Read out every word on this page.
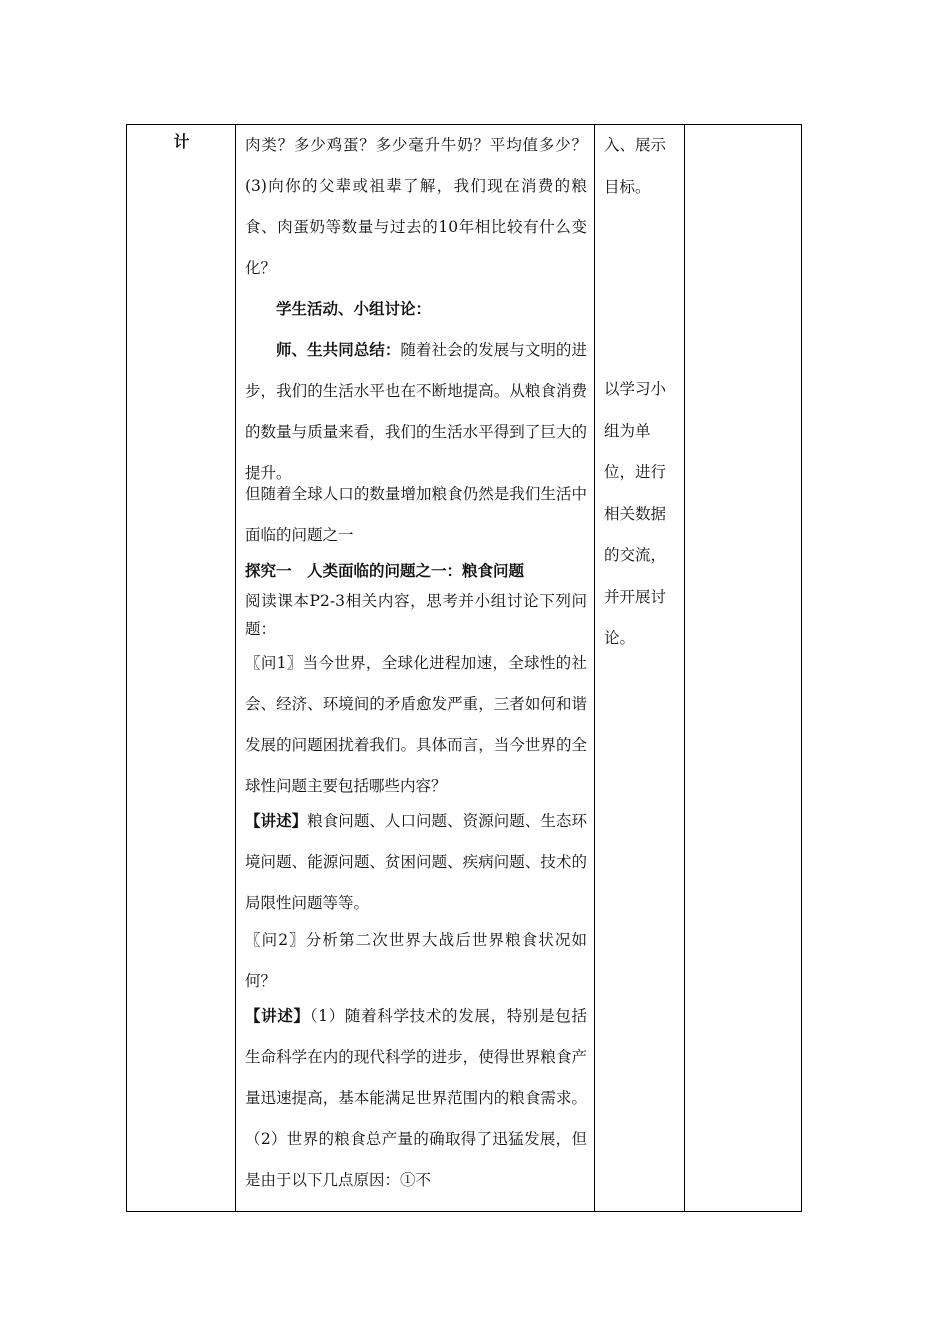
计	肉类？多少鸡蛋？多少毫升牛奶？平均值多少？(3)向你的父辈或祖辈了解，我们现在消费的粮食、肉蛋奶等数量与过去的10年相比较有什么变化？
学生活动、小组讨论：
师、生共同总结：随着社会的发展与文明的进步，我们的生活水平也在不断地提高。从粮食消费的数量与质量来看，我们的生活水平得到了巨大的提升。
但随着全球人口的数量增加粮食仍然是我们生活中面临的问题之一
探究一　人类面临的问题之一：粮食问题
阅读课本P2-3相关内容，思考并小组讨论下列问题：
〖问1〗当今世界，全球化进程加速，全球性的社会、经济、环境间的矛盾愈发严重，三者如何和谐发展的问题困扰着我们。具体而言，当今世界的全球性问题主要包括哪些内容？
【讲述】粮食问题、人口问题、资源问题、生态环境问题、能源问题、贫困问题、疾病问题、技术的局限性问题等等。
〖问2〗分析第二次世界大战后世界粮食状况如何？
【讲述】（1）随着科学技术的发展，特别是包括生命科学在内的现代科学的进步，使得世界粮食产量迅速提高，基本能满足世界范围内的粮食需求。（2）世界的粮食总产量的确取得了迅猛发展，但是由于以下几点原因：①不
入、展示目标。
以学习小组为单位，进行相关数据的交流，并开展讨论。
